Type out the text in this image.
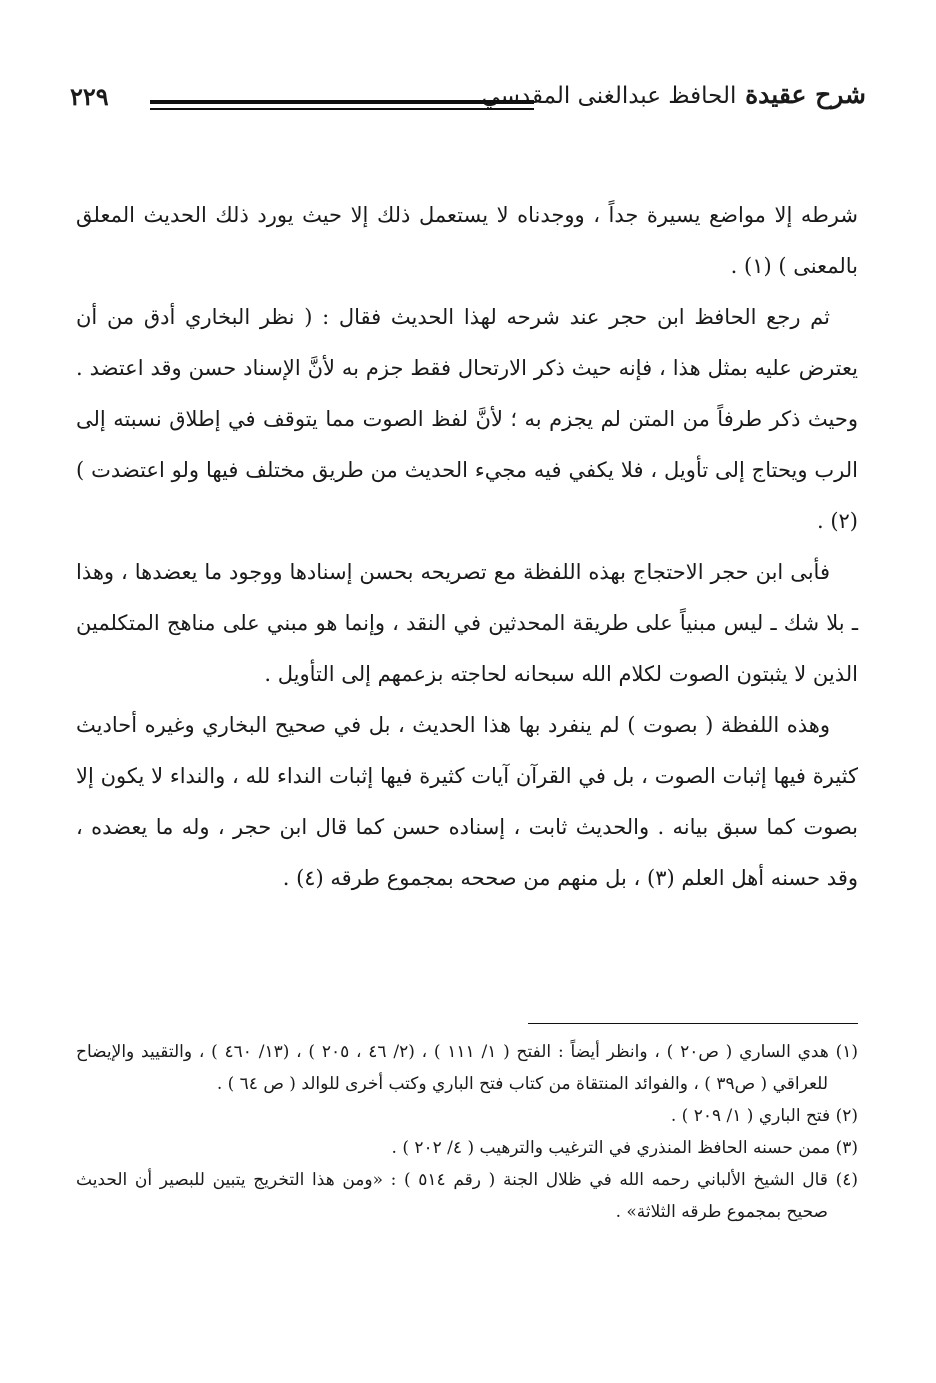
شرح عقيدة الحافظ عبدالغنى المقدسي
٢٢٩

شرطه إلا مواضع يسيرة جداً ، ووجدناه لا يستعمل ذلك إلا حيث يورد ذلك الحديث المعلق بالمعنى ) (١) .

ثم رجع الحافظ ابن حجر عند شرحه لهذا الحديث فقال : ( نظر البخاري أدق من أن يعترض عليه بمثل هذا ، فإنه حيث ذكر الارتحال فقط جزم به لأنَّ الإسناد حسن وقد اعتضد . وحيث ذكر طرفاً من المتن لم يجزم به ؛ لأنَّ لفظ الصوت مما يتوقف في إطلاق نسبته إلى الرب ويحتاج إلى تأويل ، فلا يكفي فيه مجيء الحديث من طريق مختلف فيها ولو اعتضدت ) (٢) .

فأبى ابن حجر الاحتجاج بهذه اللفظة مع تصريحه بحسن إسنادها ووجود ما يعضدها ، وهذا ـ بلا شك ـ ليس مبنياً على طريقة المحدثين في النقد ، وإنما هو مبني على مناهج المتكلمين الذين لا يثبتون الصوت لكلام الله سبحانه لحاجته بزعمهم إلى التأويل .

وهذه اللفظة ( بصوت ) لم ينفرد بها هذا الحديث ، بل في صحيح البخاري وغيره أحاديث كثيرة فيها إثبات الصوت ، بل في القرآن آيات كثيرة فيها إثبات النداء لله ، والنداء لا يكون إلا بصوت كما سبق بيانه . والحديث ثابت ، إسناده حسن كما قال ابن حجر ، وله ما يعضده ، وقد حسنه أهل العلم (٣) ، بل منهم من صححه بمجموع طرقه (٤) .

(١) هدي الساري ( ص٢٠ ) ، وانظر أيضاً : الفتح ( ١/ ١١١ ) ، (٢/ ٤٦ ، ٢٠٥ ) ، (١٣/ ٤٦٠ ) ، والتقييد والإيضاح للعراقي ( ص٣٩ ) ، والفوائد المنتقاة من كتاب فتح الباري وكتب أخرى للوالد ( ص ٦٤ ) .

(٢) فتح الباري ( ١/ ٢٠٩ ) .

(٣) ممن حسنه الحافظ المنذري في الترغيب والترهيب ( ٤/ ٢٠٢ ) .

(٤) قال الشيخ الألباني رحمه الله في ظلال الجنة ( رقم ٥١٤ ) : «ومن هذا التخريج يتبين للبصير أن الحديث صحيح بمجموع طرقه الثلاثة» .
